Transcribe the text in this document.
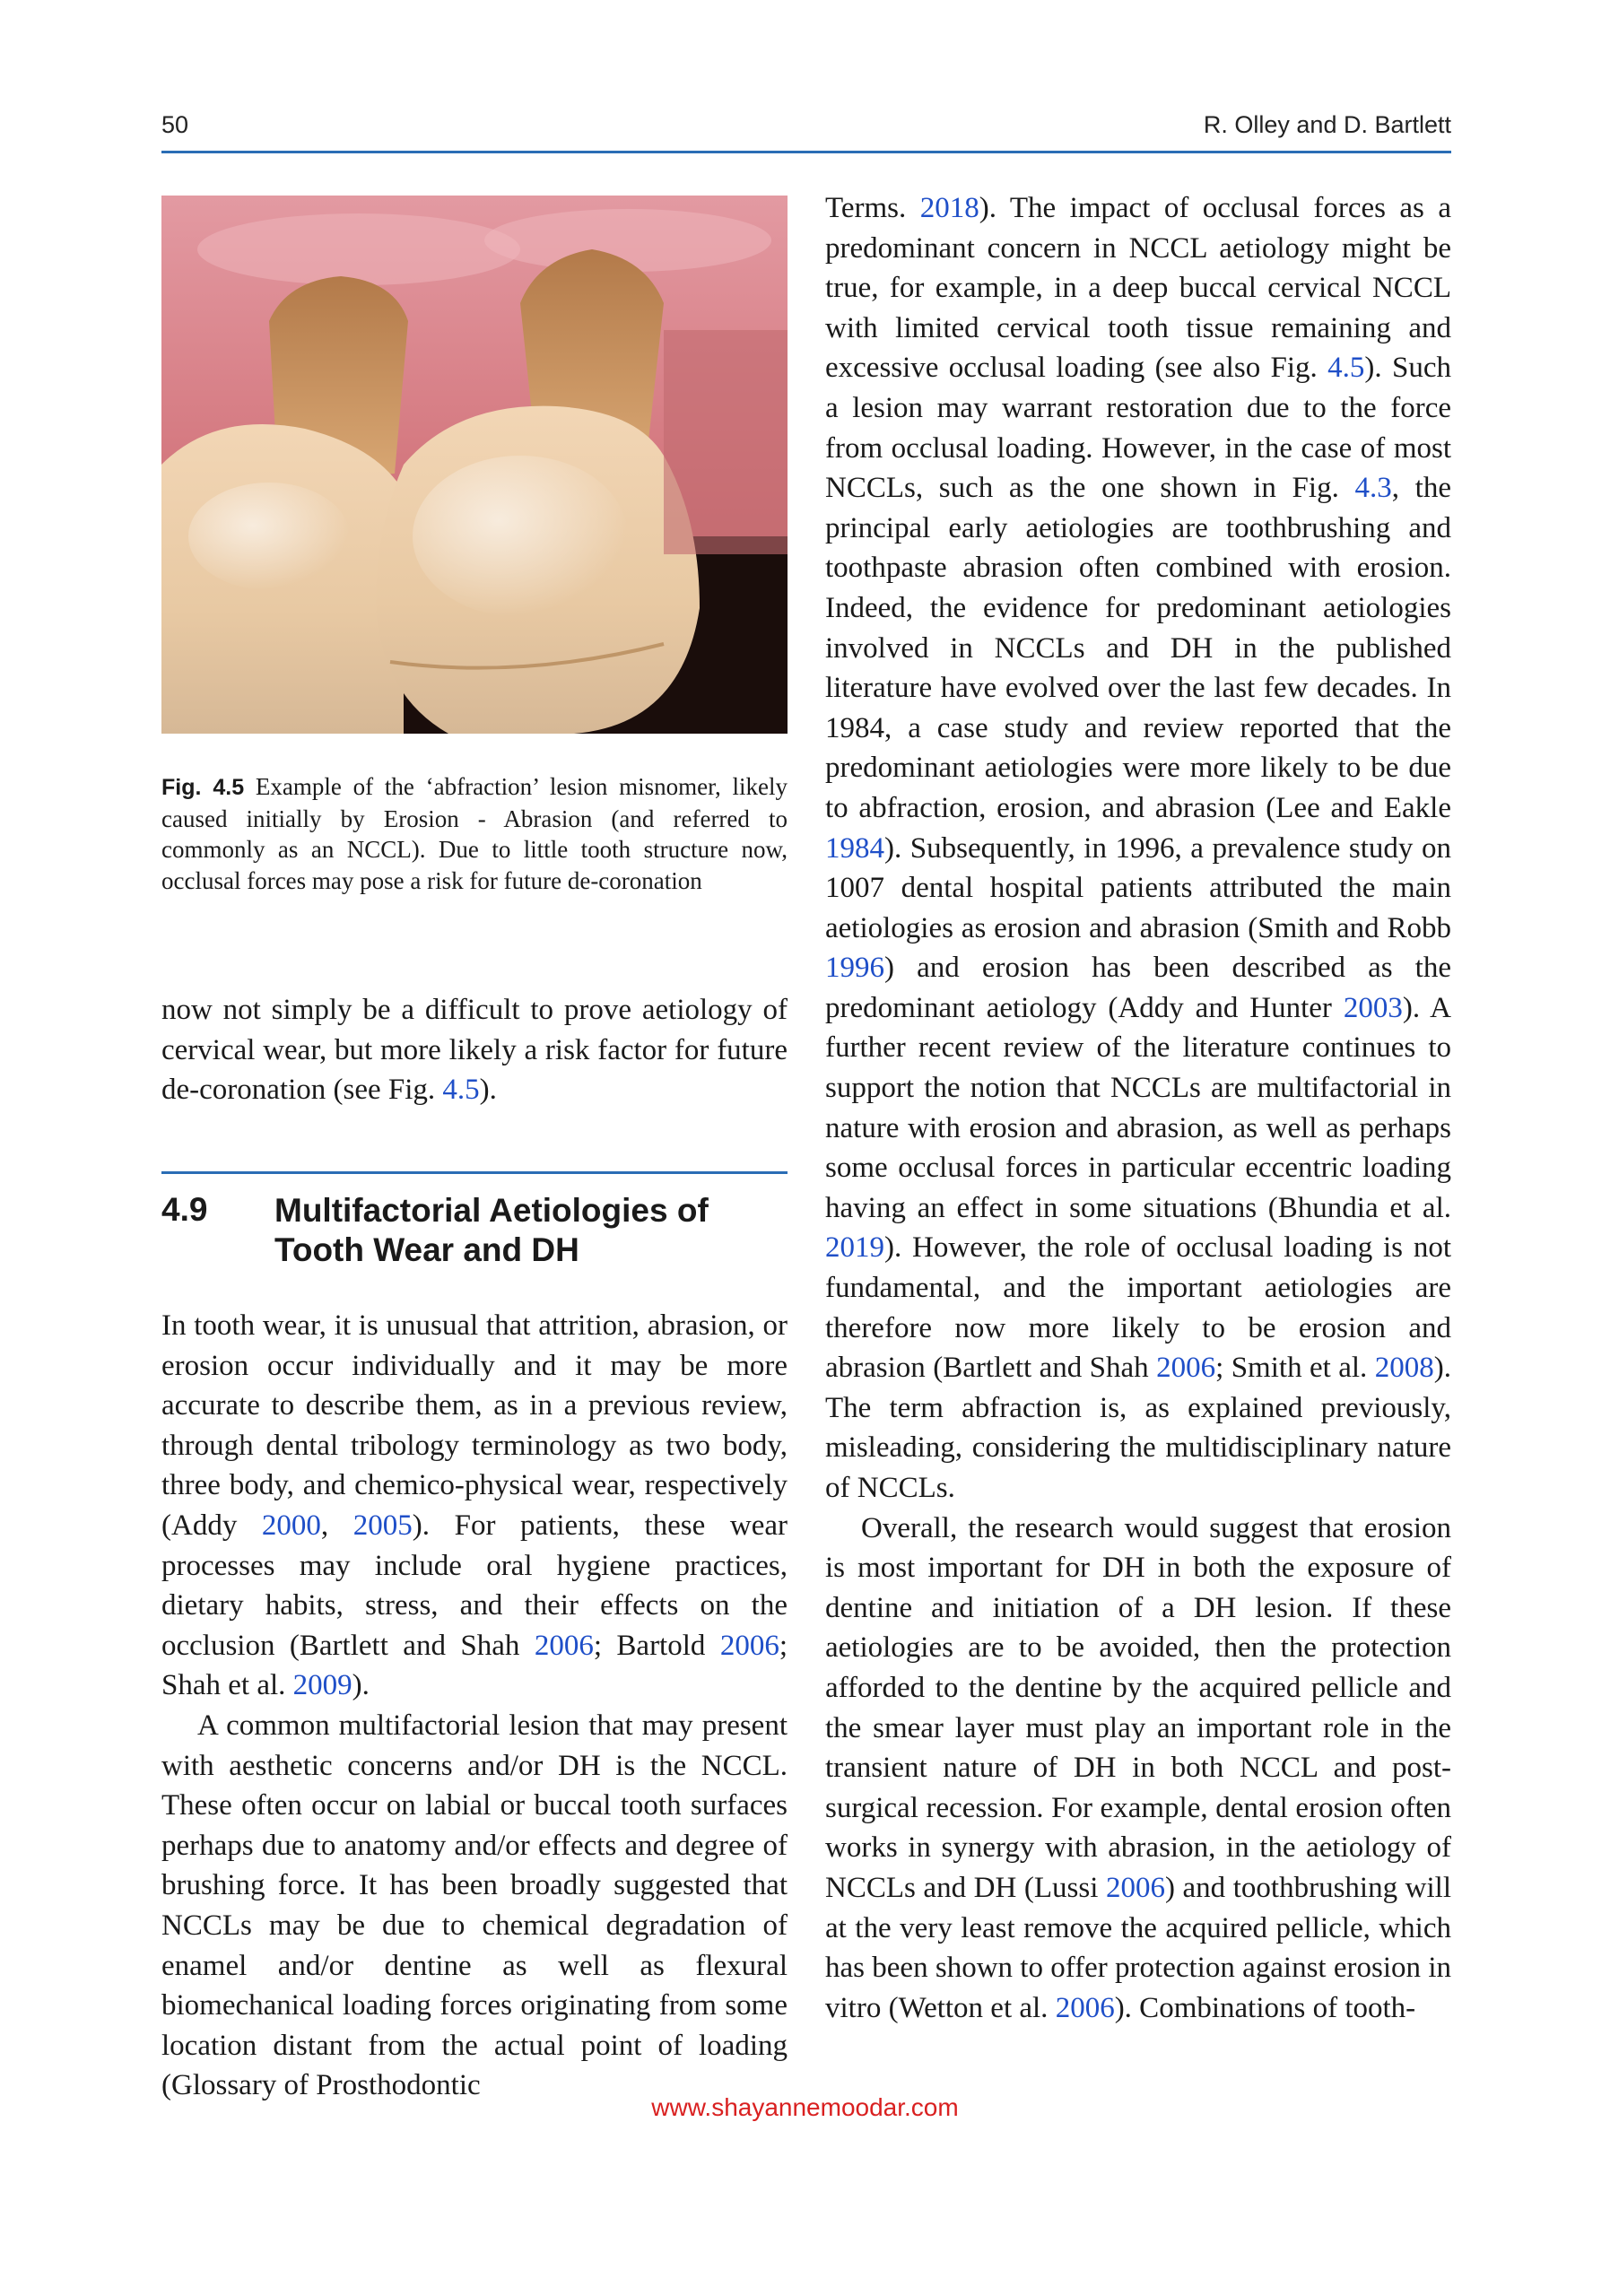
50	R. Olley and D. Bartlett
Fig. 4.5 Example of the ‘abfraction’ lesion misnomer, likely caused initially by Erosion - Abrasion (and referred to commonly as an NCCL). Due to little tooth structure now, occlusal forces may pose a risk for future de-coronation

now not simply be a difficult to prove aetiology of cervical wear, but more likely a risk factor for future de-coronation (see Fig. 4.5).

4.9 Multifactorial Aetiologies of Tooth Wear and DH

In tooth wear, it is unusual that attrition, abrasion, or erosion occur individually and it may be more accurate to describe them, as in a previous review, through dental tribology terminology as two body, three body, and chemico-physical wear, respectively (Addy 2000, 2005). For patients, these wear processes may include oral hygiene practices, dietary habits, stress, and their effects on the occlusion (Bartlett and Shah 2006; Bartold 2006; Shah et al. 2009).

A common multifactorial lesion that may present with aesthetic concerns and/or DH is the NCCL. These often occur on labial or buccal tooth surfaces perhaps due to anatomy and/or effects and degree of brushing force. It has been broadly suggested that NCCLs may be due to chemical degradation of enamel and/or dentine as well as flexural biomechanical loading forces originating from some location distant from the actual point of loading (Glossary of Prosthodontic

Terms. 2018). The impact of occlusal forces as a predominant concern in NCCL aetiology might be true, for example, in a deep buccal cervical NCCL with limited cervical tooth tissue remaining and excessive occlusal loading (see also Fig. 4.5). Such a lesion may warrant restoration due to the force from occlusal loading. However, in the case of most NCCLs, such as the one shown in Fig. 4.3, the principal early aetiologies are toothbrushing and toothpaste abrasion often combined with erosion. Indeed, the evidence for predominant aetiologies involved in NCCLs and DH in the published literature have evolved over the last few decades. In 1984, a case study and review reported that the predominant aetiologies were more likely to be due to abfraction, erosion, and abrasion (Lee and Eakle 1984). Subsequently, in 1996, a prevalence study on 1007 dental hospital patients attributed the main aetiologies as erosion and abrasion (Smith and Robb 1996) and erosion has been described as the predominant aetiology (Addy and Hunter 2003). A further recent review of the literature continues to support the notion that NCCLs are multifactorial in nature with erosion and abrasion, as well as perhaps some occlusal forces in particular eccentric loading having an effect in some situations (Bhundia et al. 2019). However, the role of occlusal loading is not fundamental, and the important aetiologies are therefore now more likely to be erosion and abrasion (Bartlett and Shah 2006; Smith et al. 2008). The term abfraction is, as explained previously, misleading, considering the multidisciplinary nature of NCCLs.

Overall, the research would suggest that erosion is most important for DH in both the exposure of dentine and initiation of a DH lesion. If these aetiologies are to be avoided, then the protection afforded to the dentine by the acquired pellicle and the smear layer must play an important role in the transient nature of DH in both NCCL and post-surgical recession. For example, dental erosion often works in synergy with abrasion, in the aetiology of NCCLs and DH (Lussi 2006) and toothbrushing will at the very least remove the acquired pellicle, which has been shown to offer protection against erosion in vitro (Wetton et al. 2006). Combinations of tooth-

www.shayannemoodar.com
